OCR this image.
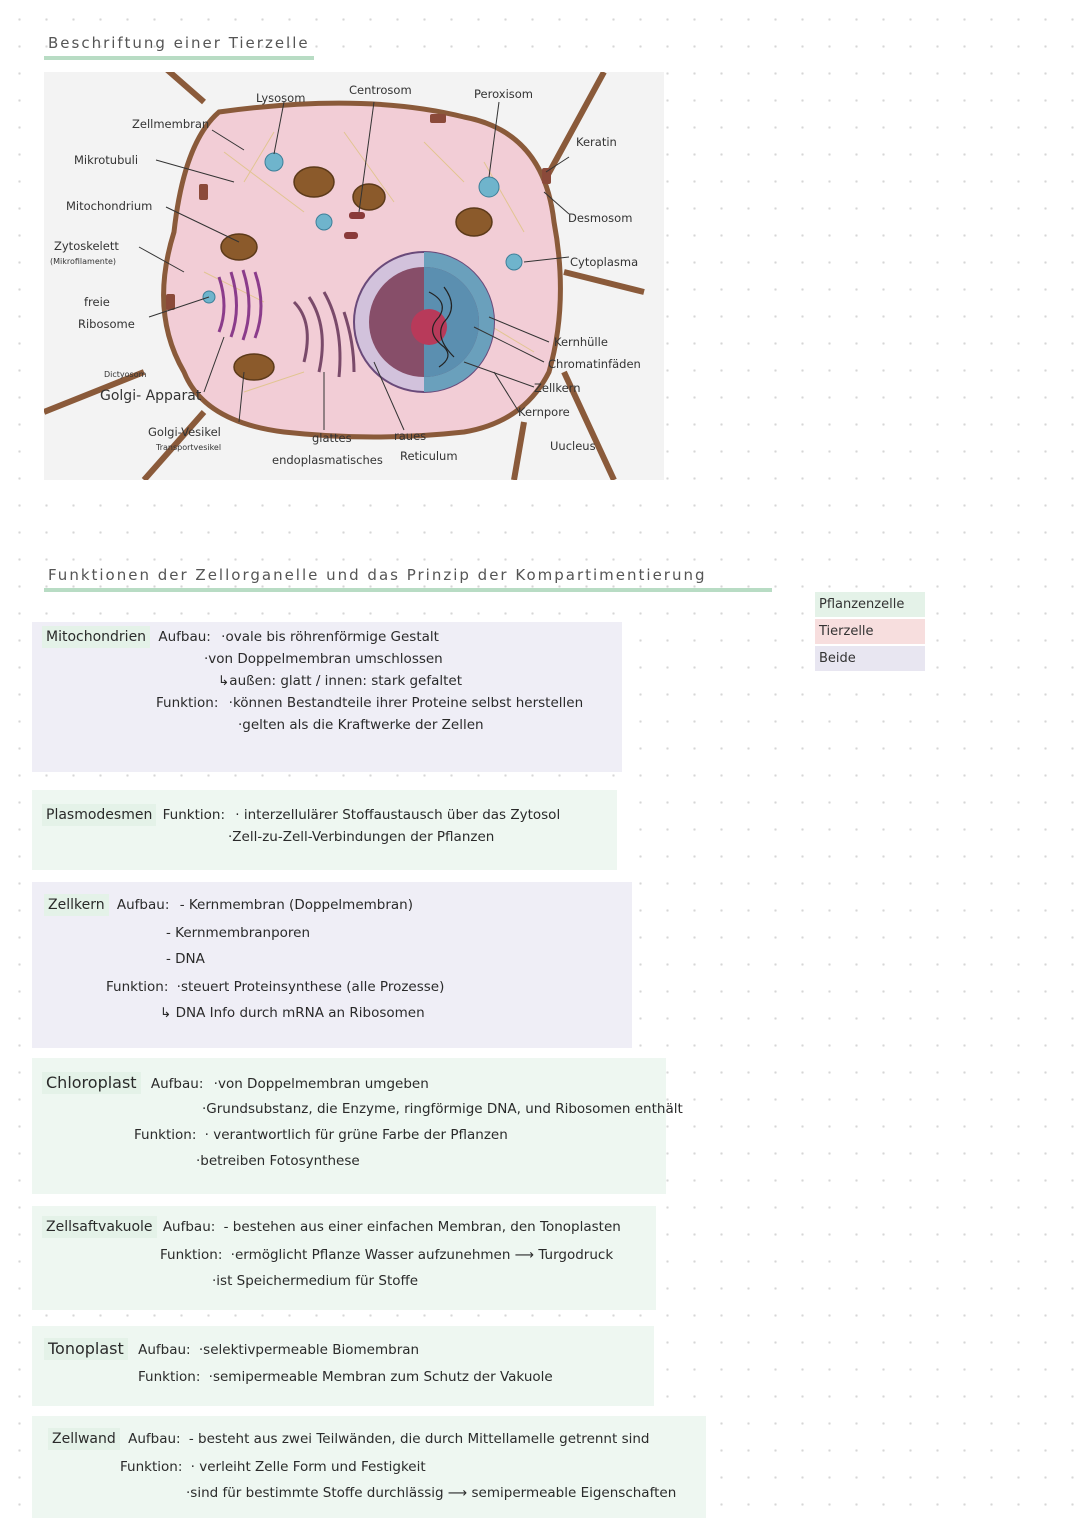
Beschriftung einer Tierzelle
Zellmembran
Mikrotubuli
Mitochondrium
Zytoskelett
(Mikrofilamente)
freie
Ribosome
Dictyosom
Golgi- Apparat
Golgi-Vesikel
Transportvesikel
Lysosom
Centrosom	Peroxisom
Keratin
Desmosom
Cytoplasma
Kernhülle
Chromatinfäden
Zellkern
Kernpore
Uucleus
glattes	raues
endoplasmatisches Reticulum
Funktionen der Zellorganelle und das Prinzip der Kompartimentierung
Pflanzenzelle
Tierzelle
Beide
Mitochondrien Aufbau: ·ovale bis röhrenförmige Gestalt
·von Doppelmembran umschlossen
↳außen: glatt / innen: stark gefaltet
Funktion: ·können Bestandteile ihrer Proteine selbst herstellen
·gelten als die Kraftwerke der Zellen
Plasmodesmen Funktion: · interzellulärer Stoffaustausch über das Zytosol
·Zell-zu-Zell-Verbindungen der Pflanzen
Zellkern Aufbau: - Kernmembran (Doppelmembran)
- Kernmembranporen
- DNA
Funktion: ·steuert Proteinsynthese (alle Prozesse)
↳ DNA Info durch mRNA an Ribosomen
Chloroplast Aufbau: ·von Doppelmembran umgeben
·Grundsubstanz, die Enzyme, ringförmige DNA, und Ribosomen enthält
Funktion: · verantwortlich für grüne Farbe der Pflanzen
·betreiben Fotosynthese
Zellsaftvakuole Aufbau: - bestehen aus einer einfachen Membran, den Tonoplasten
Funktion: ·ermöglicht Pflanze Wasser aufzunehmen ⟶ Turgodruck
·ist Speichermedium für Stoffe
Tonoplast Aufbau: ·selektivpermeable Biomembran
Funktion: ·semipermeable Membran zum Schutz der Vakuole
Zellwand Aufbau: - besteht aus zwei Teilwänden, die durch Mittellamelle getrennt sind
Funktion: · verleiht Zelle Form und Festigkeit
·sind für bestimmte Stoffe durchlässig ⟶ semipermeable Eigenschaften
